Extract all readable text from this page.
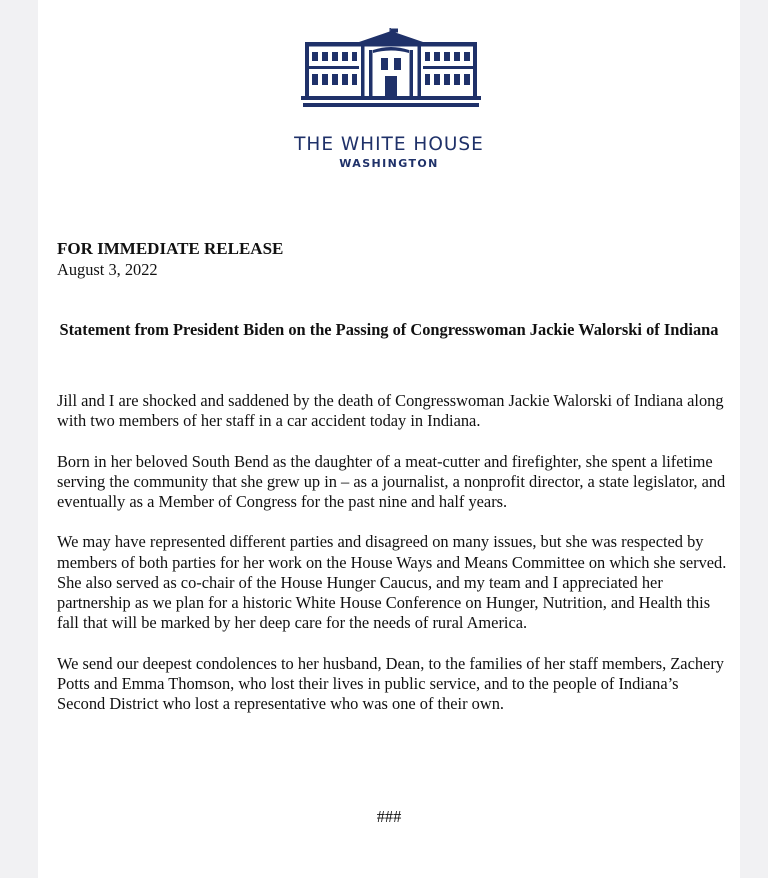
THE WHITE HOUSE
WASHINGTON
FOR IMMEDIATE RELEASE
August 3, 2022
Statement from President Biden on the Passing of Congresswoman Jackie Walorski of Indiana

Jill and I are shocked and saddened by the death of Congresswoman Jackie Walorski of Indiana along with two members of her staff in a car accident today in Indiana.

Born in her beloved South Bend as the daughter of a meat-cutter and firefighter, she spent a lifetime serving the community that she grew up in – as a journalist, a nonprofit director, a state legislator, and eventually as a Member of Congress for the past nine and half years.

We may have represented different parties and disagreed on many issues, but she was respected by members of both parties for her work on the House Ways and Means Committee on which she served. She also served as co-chair of the House Hunger Caucus, and my team and I appreciated her partnership as we plan for a historic White House Conference on Hunger, Nutrition, and Health this fall that will be marked by her deep care for the needs of rural America.

We send our deepest condolences to her husband, Dean, to the families of her staff members, Zachery Potts and Emma Thomson, who lost their lives in public service, and to the people of Indiana’s Second District who lost a representative who was one of their own.

###
